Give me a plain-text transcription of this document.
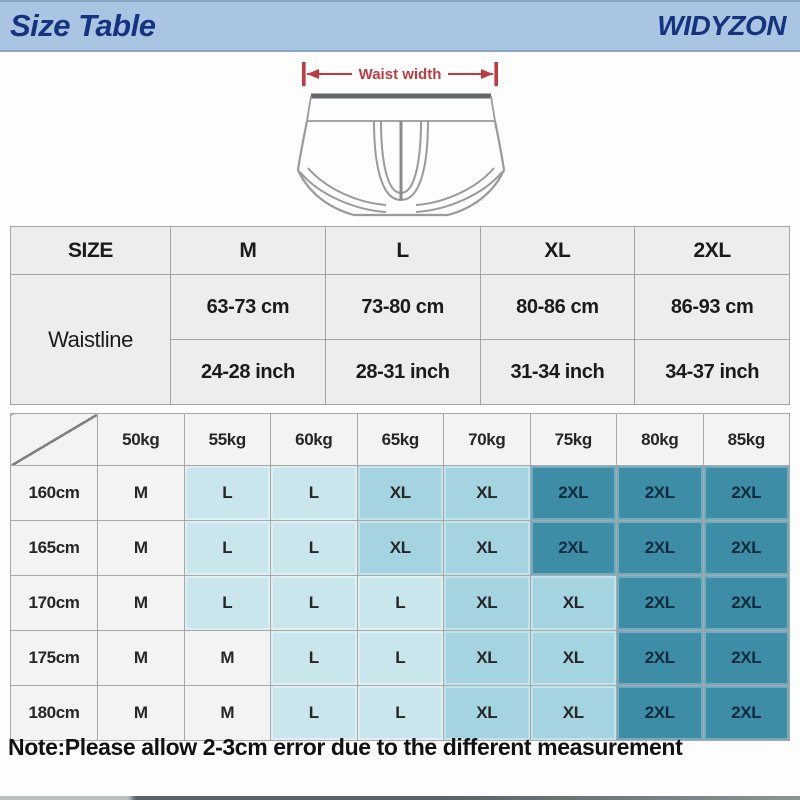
Size Table	WIDYZON
Waist width
SIZE	M	L	XL	2XL
Waistline	63-73 cm	73-80 cm	80-86 cm	86-93 cm
	24-28 inch	28-31 inch	31-34 inch	34-37 inch
	50kg	55kg	60kg	65kg	70kg	75kg	80kg	85kg
160cm	M	L	L	XL	XL	2XL	2XL	2XL
165cm	M	L	L	XL	XL	2XL	2XL	2XL
170cm	M	L	L	L	XL	XL	2XL	2XL
175cm	M	M	L	L	XL	XL	2XL	2XL
180cm	M	M	L	L	XL	XL	2XL	2XL
Note:Please allow 2-3cm error due to the different measurement
